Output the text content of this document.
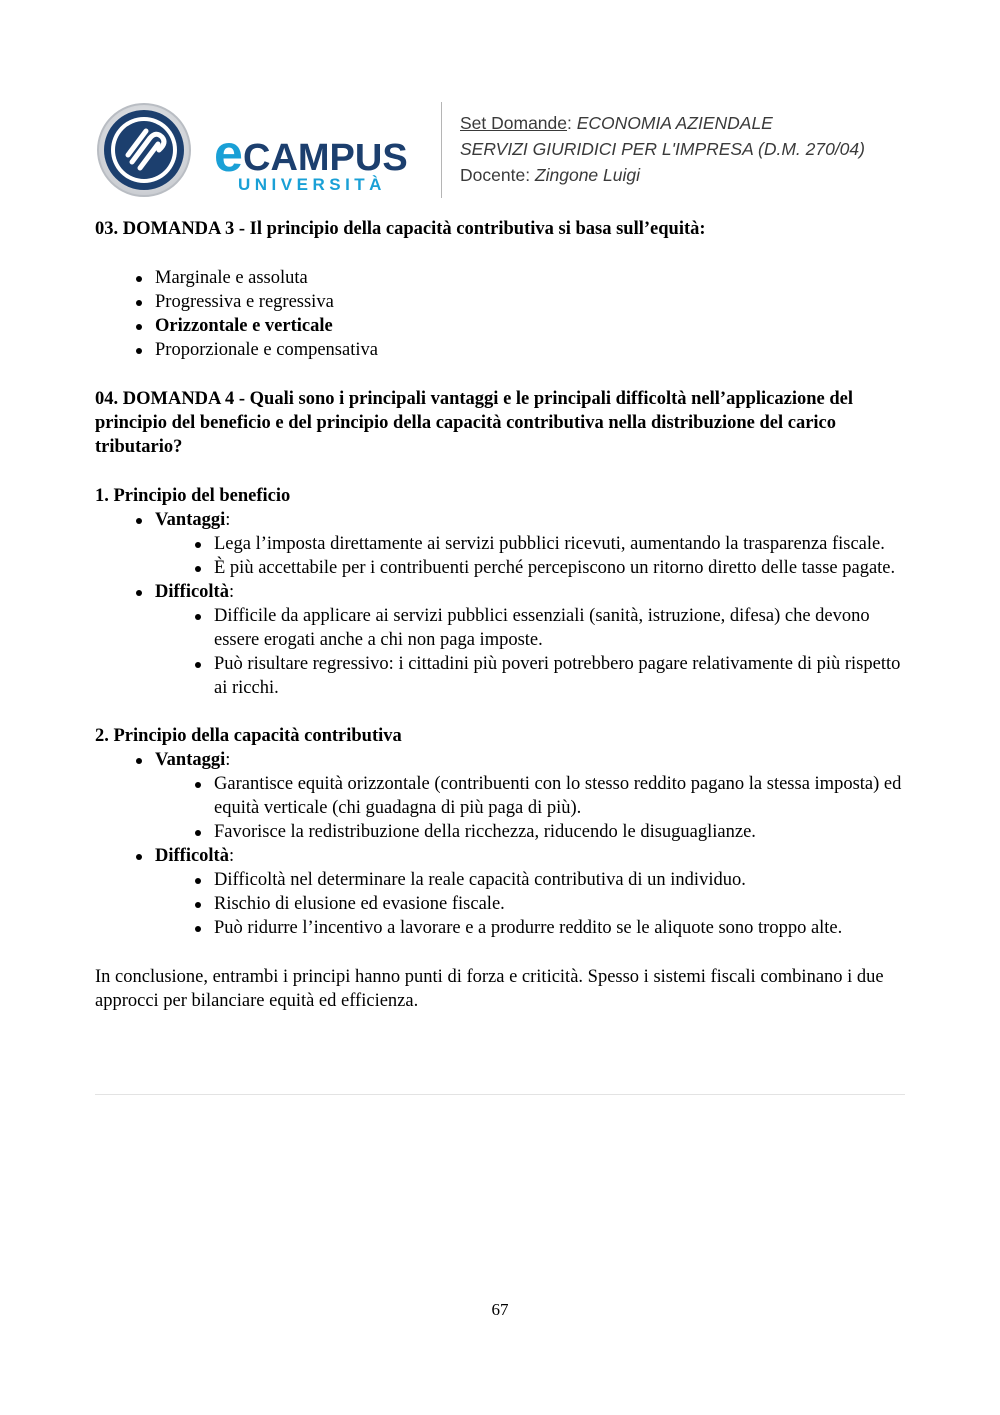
e CAMPUS
UNIVERSITÀ
Set Domande: ECONOMIA AZIENDALE
SERVIZI GIURIDICI PER L'IMPRESA (D.M. 270/04)
Docente: Zingone Luigi

03. DOMANDA 3 - Il principio della capacità contributiva si basa sull’equità:

Marginale e assoluta
Progressiva e regressiva
Orizzontale e verticale
Proporzionale e compensativa

04. DOMANDA 4 - Quali sono i principali vantaggi e le principali difficoltà nell’applicazione del principio del beneficio e del principio della capacità contributiva nella distribuzione del carico tributario?

1. Principio del beneficio

Vantaggi:
Lega l’imposta direttamente ai servizi pubblici ricevuti, aumentando la trasparenza fiscale.
È più accettabile per i contribuenti perché percepiscono un ritorno diretto delle tasse pagate.
Difficoltà:
Difficile da applicare ai servizi pubblici essenziali (sanità, istruzione, difesa) che devono essere erogati anche a chi non paga imposte.
Può risultare regressivo: i cittadini più poveri potrebbero pagare relativamente di più rispetto ai ricchi.

2. Principio della capacità contributiva

Vantaggi:
Garantisce equità orizzontale (contribuenti con lo stesso reddito pagano la stessa imposta) ed equità verticale (chi guadagna di più paga di più).
Favorisce la redistribuzione della ricchezza, riducendo le disuguaglianze.
Difficoltà:
Difficoltà nel determinare la reale capacità contributiva di un individuo.
Rischio di elusione ed evasione fiscale.
Può ridurre l’incentivo a lavorare e a produrre reddito se le aliquote sono troppo alte.

In conclusione, entrambi i principi hanno punti di forza e criticità. Spesso i sistemi fiscali combinano i due approcci per bilanciare equità ed efficienza.

67
